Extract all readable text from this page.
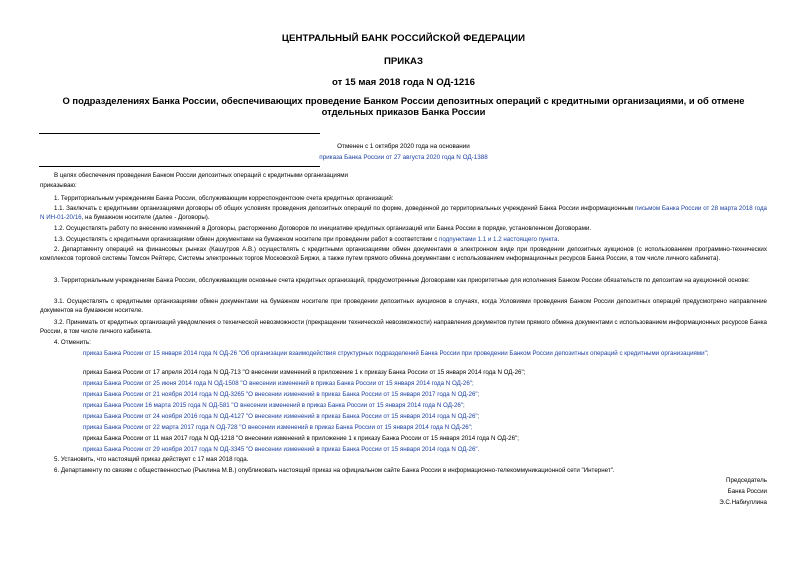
ЦЕНТРАЛЬНЫЙ БАНК РОССИЙСКОЙ ФЕДЕРАЦИИ
ПРИКАЗ
от 15 мая 2018 года N ОД-1216
О подразделениях Банка России, обеспечивающих проведение Банком России депозитных операций с кредитными организациями, и об отмене отдельных приказов Банка России
Отменен с 1 октября 2020 года на основании
приказа Банка России от 27 августа 2020 года N ОД-1388
В целях обеспечения проведения Банком России депозитных операций с кредитными организациями
приказываю:
1. Территориальным учреждениям Банка России, обслуживающим корреспондентские счета кредитных организаций:
1.1. Заключать с кредитными организациями договоры об общих условиях проведения депозитных операций по форме, доведенной до территориальных учреждений Банка России информационным письмом Банка России от 28 марта 2018 года N ИН-01-20/16, на бумажном носителе (далее - Договоры).
1.2. Осуществлять работу по внесению изменений в Договоры, расторжению Договоров по инициативе кредитных организаций или Банка России в порядке, установленном Договорами.
1.3. Осуществлять с кредитными организациями обмен документами на бумажном носителе при проведении работ в соответствии с подпунктами 1.1 и 1.2 настоящего пункта.
2. Департаменту операций на финансовых рынках (Кашутров А.В.) осуществлять с кредитными организациями обмен документами в электронном виде при проведении депозитных аукционов (с использованием программно-технических комплексов торговой системы Томсон Рейтерс, Системы электронных торгов Московской Биржи, а также путем прямого обмена документами с использованием информационных ресурсов Банка России, в том числе личного кабинета).
3. Территориальным учреждениям Банка России, обслуживающим основные счета кредитных организаций, предусмотренные Договорами как приоритетные для исполнения Банком России обязательств по депозитам на аукционной основе:
3.1. Осуществлять с кредитными организациями обмен документами на бумажном носителе при проведении депозитных аукционов в случаях, когда Условиями проведения Банком России депозитных операций предусмотрено направление документов на бумажном носителе.
3.2. Принимать от кредитных организаций уведомления о технической невозможности (прекращении технической невозможности) направления документов путем прямого обмена документами с использованием информационных ресурсов Банка России, в том числе личного кабинета.
4. Отменить:
приказ Банка России от 15 января 2014 года N ОД-26 "Об организации взаимодействия структурных подразделений Банка России при проведении Банком России депозитных операций с кредитными организациями";
приказ Банка России от 17 апреля 2014 года N ОД-713 "О внесении изменений в приложение 1 к приказу Банка России от 15 января 2014 года N ОД-26";
приказ Банка России от 25 июня 2014 года N ОД-1508 "О внесении изменений в приказ Банка России от 15 января 2014 года N ОД-26";
приказ Банка России от 21 ноября 2014 года N ОД-3265 "О внесении изменений в приказ Банка России от 15 января 2017 года N ОД-26";
приказ Банка России 16 марта 2015 года N ОД-581 "О внесении изменений в приказ Банка России от 15 января 2014 года N ОД-26";
приказ Банка России от 24 ноября 2016 года N ОД-4127 "О внесении изменений в приказ Банка России от 15 января 2014 года N ОД-26";
приказ Банка России от 22 марта 2017 года N ОД-728 "О внесении изменений в приказ Банка России от 15 января 2014 года N ОД-26";
приказ Банка России от 11 мая 2017 года N ОД-1218 "О внесении изменений в приложение 1 к приказу Банка России от 15 января 2014 года N ОД-26";
приказ Банка России от 29 ноября 2017 года N ОД-3345 "О внесении изменений в приказ Банка России от 15 января 2014 года N ОД-26".
5. Установить, что настоящий приказ действует с 17 мая 2018 года.
6. Департаменту по связям с общественностью (Рыклина М.В.) опубликовать настоящий приказ на официальном сайте Банка России в информационно-телекоммуникационной сети "Интернет".
Председатель
Банка России
Э.С.Набиуллина
